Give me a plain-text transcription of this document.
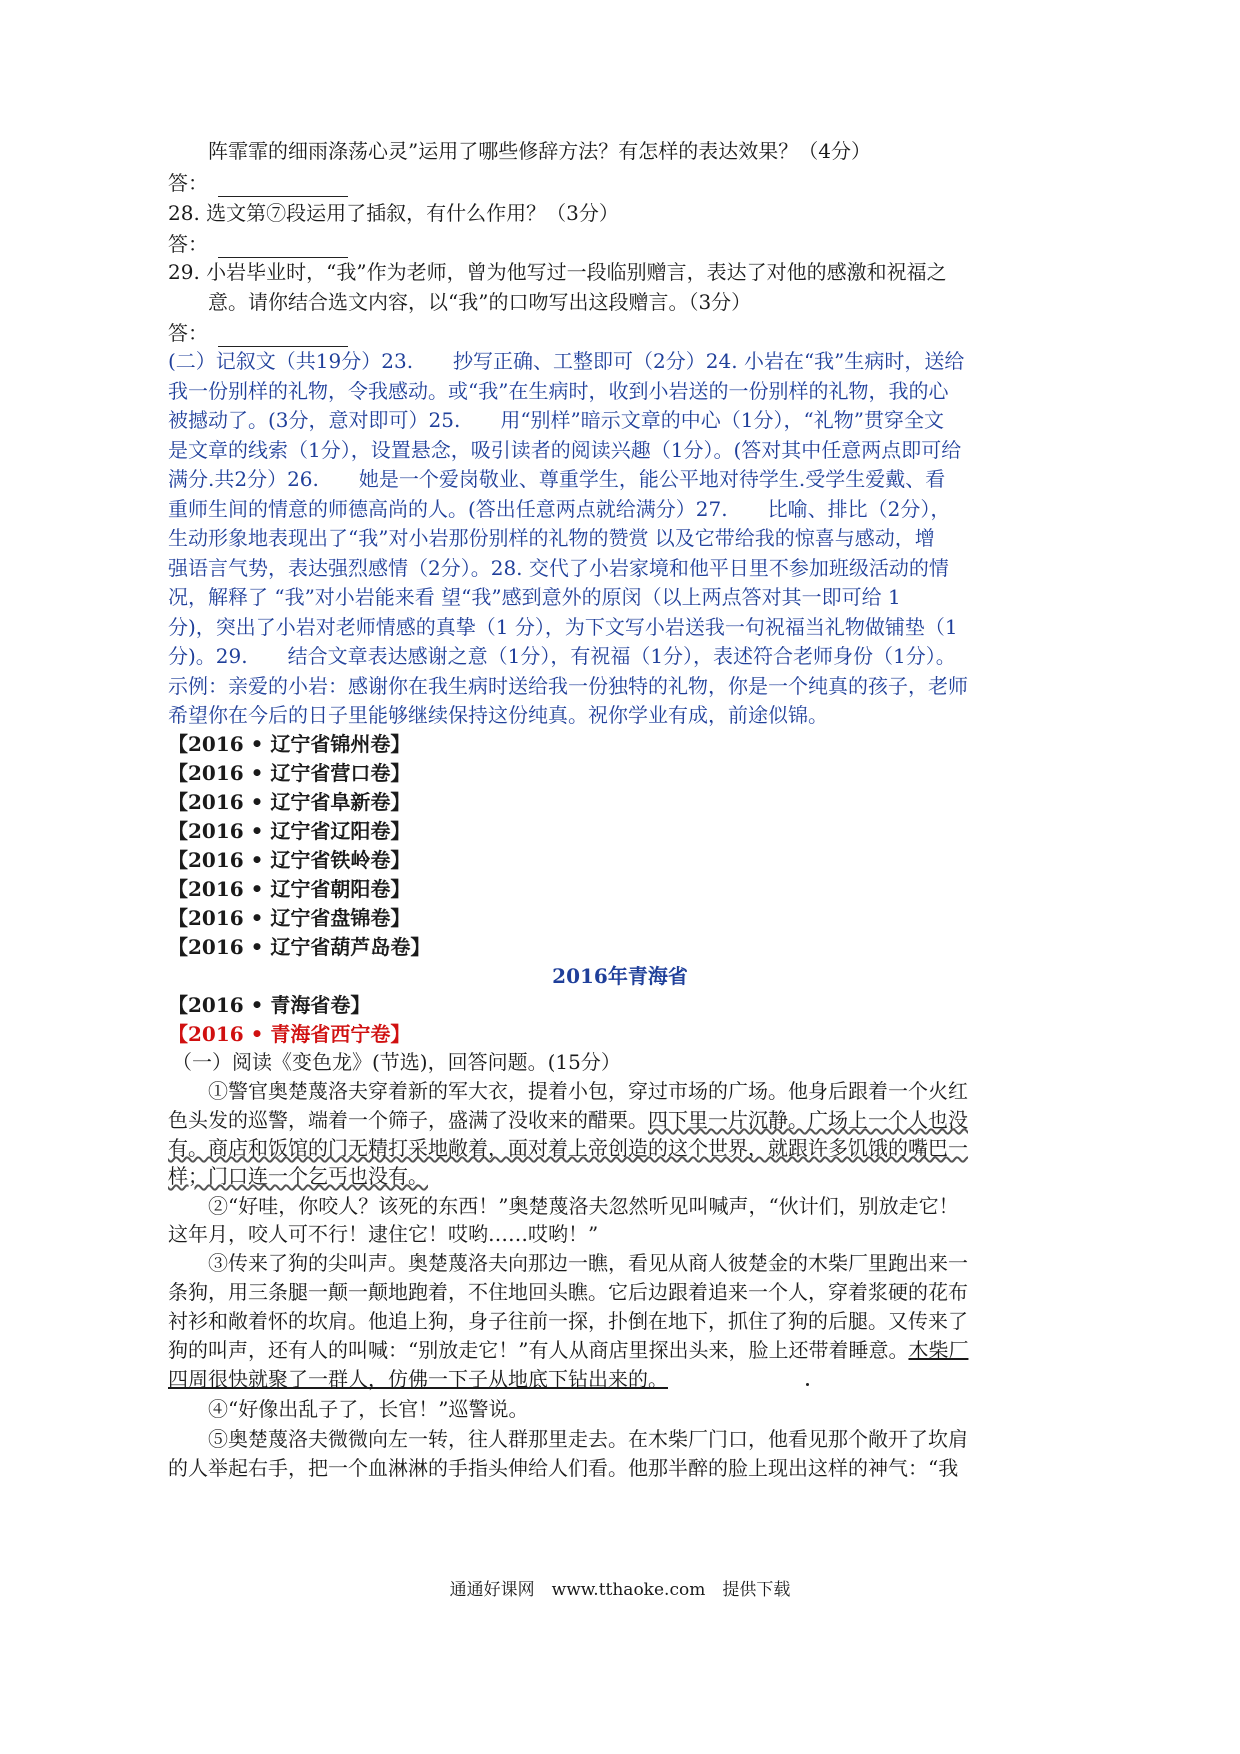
阵霏霏的细雨涤荡心灵”运用了哪些修辞方法？有怎样的表达效果？（4分）
答：
28. 选文第⑦段运用了插叙，有什么作用？（3分）
答：
29. 小岩毕业时，“我”作为老师，曾为他写过一段临别赠言，表达了对他的感激和祝福之
意。请你结合选文内容，以“我”的口吻写出这段赠言。（3分）
答：
(二）记叙文（共19分）23.　　抄写正确、工整即可（2分）24. 小岩在“我”生病时，送给
我一份别样的礼物，令我感动。或“我”在生病时，收到小岩送的一份别样的礼物，我的心
被撼动了。(3分，意对即可）25.　　用“别样”暗示文章的中心（1分），“礼物”贯穿全文
是文章的线索（1分），设置悬念，吸引读者的阅读兴趣（1分）。(答对其中任意两点即可给
满分.共2分）26.　　她是一个爱岗敬业、尊重学生，能公平地对待学生.受学生爱戴、看
重师生间的情意的师德高尚的人。(答出任意两点就给满分）27.　　比喻、排比（2分），
生动形象地表现出了“我”对小岩那份别样的礼物的赞赏 以及它带给我的惊喜与感动，增
强语言气势，表达强烈感情（2分）。28. 交代了小岩家境和他平日里不参加班级活动的情
况，解释了 “我”对小岩能来看 望“我”感到意外的原闵（以上两点答对其一即可给 1
分)，突出了小岩对老师情感的真挚（1 分），为下文写小岩送我一句祝福当礼物做铺垫（1
分)。29.　　结合文章表达感谢之意（1分），有祝福（1分），表述符合老师身份（1分）。
示例：亲爱的小岩：感谢你在我生病时送给我一份独特的礼物，你是一个纯真的孩子，老师
希望你在今后的日子里能够继续保持这份纯真。祝你学业有成，前途似锦。
【2016 • 辽宁省锦州卷】
【2016 • 辽宁省营口卷】
【2016 • 辽宁省阜新卷】
【2016 • 辽宁省辽阳卷】
【2016 • 辽宁省铁岭卷】
【2016 • 辽宁省朝阳卷】
【2016 • 辽宁省盘锦卷】
【2016 • 辽宁省葫芦岛卷】
2016年青海省
【2016 • 青海省卷】
【2016 • 青海省西宁卷】
（一）阅读《变色龙》(节选)，回答问题。(15分）
①警官奥楚蔑洛夫穿着新的军大衣，提着小包，穿过市场的广场。他身后跟着一个火红
色头发的巡警，端着一个筛子，盛满了没收来的醋栗。四下里一片沉静。广场上一个人也没
有。商店和饭馆的门无精打采地敞着，面对着上帝创造的这个世界，就跟许多饥饿的嘴巴一
样；门口连一个乞丐也没有。
②“好哇，你咬人？该死的东西！”奥楚蔑洛夫忽然听见叫喊声，“伙计们，别放走它！
这年月，咬人可不行！逮住它！哎哟……哎哟！”
③传来了狗的尖叫声。奥楚蔑洛夫向那边一瞧，看见从商人彼楚金的木柴厂里跑出来一
条狗，用三条腿一颠一颠地跑着，不住地回头瞧。它后边跟着追来一个人，穿着浆硬的花布
衬衫和敞着怀的坎肩。他追上狗，身子往前一探，扑倒在地下，抓住了狗的后腿。又传来了
狗的叫声，还有人的叫喊：“别放走它！”有人从商店里探出头来，脸上还带着睡意。木柴厂
四周很快就聚了一群人，仿佛一下子从地底下钻出来的。
④“好像出乱子了，长官！”巡警说。
⑤奥楚蔑洛夫微微向左一转，往人群那里走去。在木柴厂门口，他看见那个敞开了坎肩
的人举起右手，把一个血淋淋的手指头伸给人们看。他那半醉的脸上现出这样的神气：“我
通通好课网　www.tthaoke.com　提供下载
